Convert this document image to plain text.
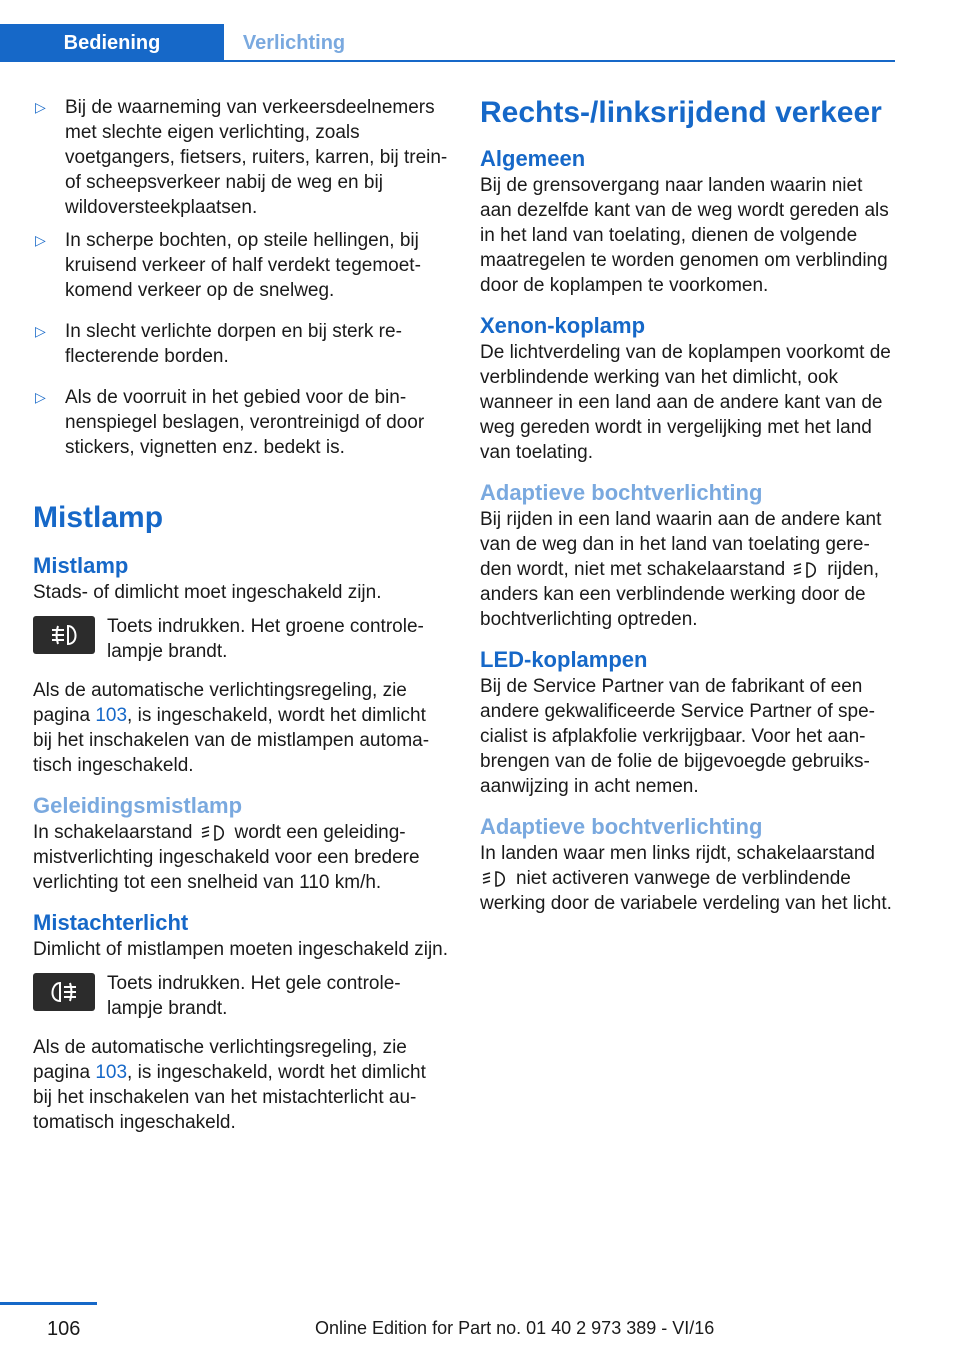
Bediening	Verlichting
▷ Bij de waarneming van verkeersdeelnemers met slechte eigen verlichting, zoals voetgangers, fietsers, ruiters, karren, bij trein- of scheepsverkeer nabij de weg en bij wildoversteekplaatsen.

▷ In scherpe bochten, op steile hellingen, bij kruisend verkeer of half verdekt tegemoetkomend verkeer op de snelweg.

▷ In slecht verlichte dorpen en bij sterk reflecterende borden.

▷ Als de voorruit in het gebied voor de binnenspiegel beslagen, verontreinigd of door stickers, vignetten enz. bedekt is.

Mistlamp
Mistlamp

Stads- of dimlicht moet ingeschakeld zijn.

Toets indrukken. Het groene controlelampje brandt.

Als de automatische verlichtingsregeling, zie pagina 103, is ingeschakeld, wordt het dimlicht bij het inschakelen van de mistlampen automatisch ingeschakeld.

Geleidingsmistlamp

In schakelaarstand wordt een geleidingmistverlichting ingeschakeld voor een bredere verlichting tot een snelheid van 110 km/h.

Mistachterlicht

Dimlicht of mistlampen moeten ingeschakeld zijn.

Toets indrukken. Het gele controlelampje brandt.

Als de automatische verlichtingsregeling, zie pagina 103, is ingeschakeld, wordt het dimlicht bij het inschakelen van het mistachterlicht automatisch ingeschakeld.

Rechts-/linksrijdend verkeer
Algemeen

Bij de grensovergang naar landen waarin niet aan dezelfde kant van de weg wordt gereden als in het land van toelating, dienen de volgende maatregelen te worden genomen om verblinding door de koplampen te voorkomen.

Xenon-koplamp

De lichtverdeling van de koplampen voorkomt de verblindende werking van het dimlicht, ook wanneer in een land aan de andere kant van de weg gereden wordt in vergelijking met het land van toelating.

Adaptieve bochtverlichting

Bij rijden in een land waarin aan de andere kant van de weg dan in het land van toelating gereden wordt, niet met schakelaarstand rijden, anders kan een verblindende werking door de bochtverlichting optreden.

LED-koplampen

Bij de Service Partner van de fabrikant of een andere gekwalificeerde Service Partner of specialist is afplakfolie verkrijgbaar. Voor het aanbrengen van de folie de bijgevoegde gebruiksaanwijzing in acht nemen.

Adaptieve bochtverlichting

In landen waar men links rijdt, schakelaarstand
niet activeren vanwege de verblindende werking door de variabele verdeling van het licht.

106	Online Edition for Part no. 01 40 2 973 389 - VI/16
